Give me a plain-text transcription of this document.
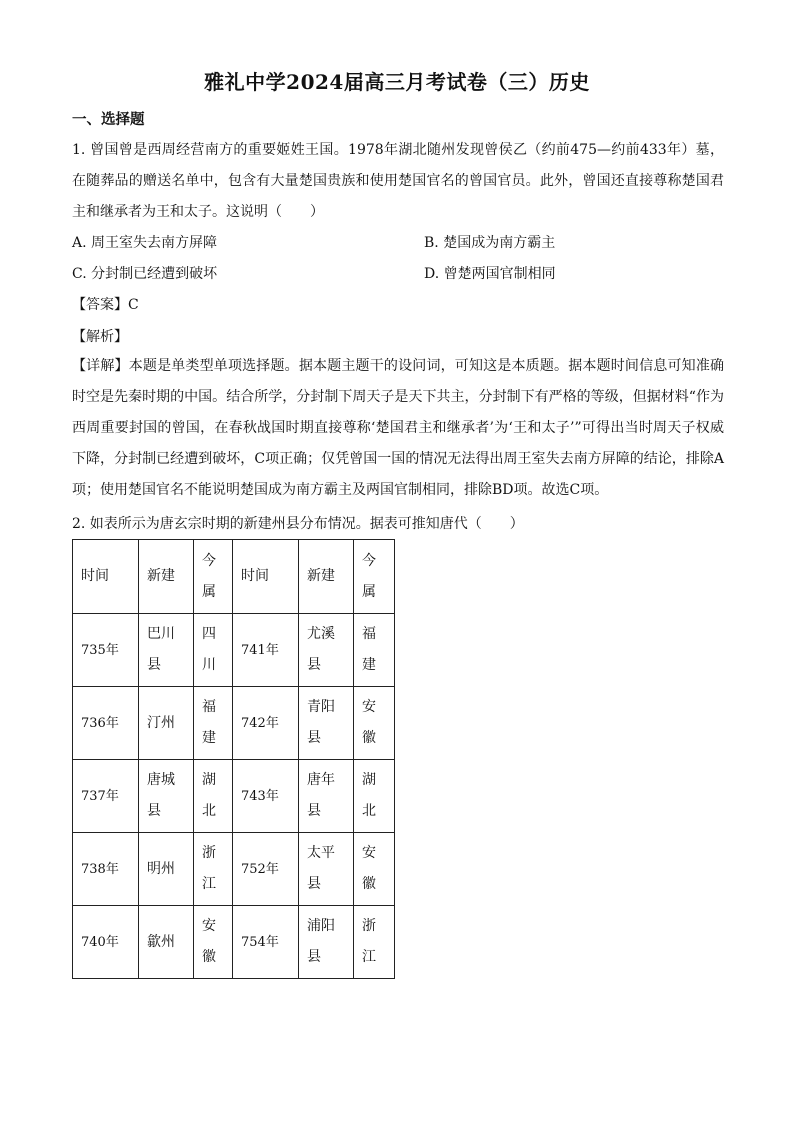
雅礼中学2024届高三月考试卷（三）历史
一、选择题
1. 曾国曾是西周经营南方的重要姬姓王国。1978年湖北随州发现曾侯乙（约前475—约前433年）墓，在随葬品的赠送名单中，包含有大量楚国贵族和使用楚国官名的曾国官员。此外，曾国还直接尊称楚国君主和继承者为王和太子。这说明（　　）
A. 周王室失去南方屏障	B. 楚国成为南方霸主
C. 分封制已经遭到破坏	D. 曾楚两国官制相同
【答案】C
【解析】
【详解】本题是单类型单项选择题。据本题主题干的设问词，可知这是本质题。据本题时间信息可知准确时空是先秦时期的中国。结合所学，分封制下周天子是天下共主，分封制下有严格的等级，但据材料“作为西周重要封国的曾国，在春秋战国时期直接尊称‘楚国君主和继承者’为‘王和太子’”可得出当时周天子权威下降，分封制已经遭到破坏，C项正确；仅凭曾国一国的情况无法得出周王室失去南方屏障的结论，排除A项；使用楚国官名不能说明楚国成为南方霸主及两国官制相同，排除BD项。故选C项。
2. 如表所示为唐玄宗时期的新建州县分布情况。据表可推知唐代（　　）
时间	新建	今属	时间	新建	今属
735年	巴川县	四川	741年	尤溪县	福建
736年	汀州	福建	742年	青阳县	安徽
737年	唐城县	湖北	743年	唐年县	湖北
738年	明州	浙江	752年	太平县	安徽
740年	歙州	安徽	754年	浦阳县	浙江
